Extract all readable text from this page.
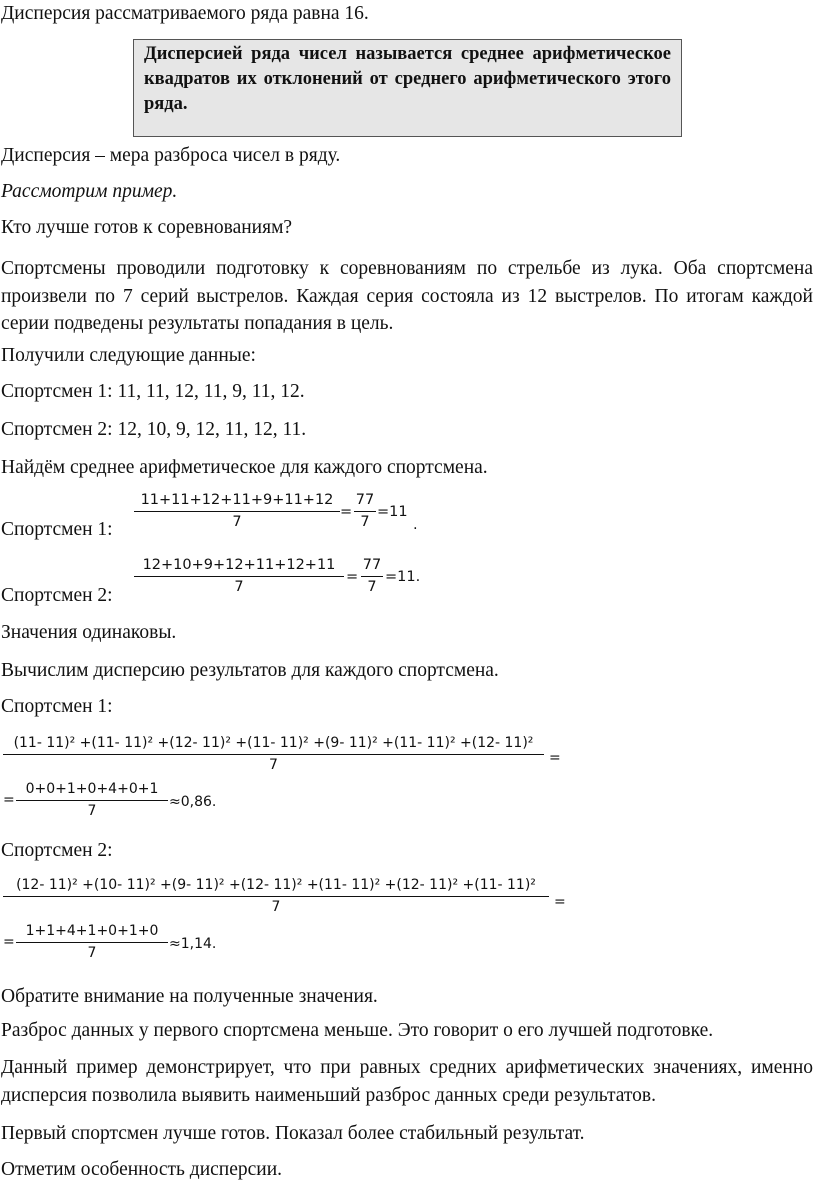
Дисперсия рассматриваемого ряда равна 16.

Дисперсией ряда чисел называется среднее арифметическое квадратов их отклонений от среднего арифметического этого ряда.

Дисперсия – мера разброса чисел в ряду.

Рассмотрим пример.

Кто лучше готов к соревнованиям?

Спортсмены проводили подготовку к соревнованиям по стрельбе из лука. Оба спортсмена произвели по 7 серий выстрелов. Каждая серия состояла из 12 выстрелов. По итогам каждой серии подведены результаты попадания в цель.

Получили следующие данные:

Спортсмен 1: 11, 11, 12, 11, 9, 11, 12.

Спортсмен 2: 12, 10, 9, 12, 11, 12, 11.

Найдём среднее арифметическое для каждого спортсмена.

Спортсмен 1:

11+11+12+11+9+11+12
7
=
77
7
=11
.

Спортсмен 2:

12+10+9+12+11+12+11
7
=
77
7
=11.

Значения одинаковы.

Вычислим дисперсию результатов для каждого спортсмена.

Спортсмен 1:

(11- 11)² +(11- 11)² +(12- 11)² +(11- 11)² +(9- 11)² +(11- 11)² +(12- 11)²
7	=
=
0+0+1+0+4+0+1
7
≈0,86.

Спортсмен 2:

(12- 11)² +(10- 11)² +(9- 11)² +(12- 11)² +(11- 11)² +(12- 11)² +(11- 11)²
7	=
=
1+1+4+1+0+1+0
7
≈1,14.

Обратите внимание на полученные значения.

Разброс данных у первого спортсмена меньше. Это говорит о его лучшей подготовке.

Данный пример демонстрирует, что при равных средних арифметических значениях, именно дисперсия позволила выявить наименьший разброс данных среди результатов.

Первый спортсмен лучше готов. Показал более стабильный результат.

Отметим особенность дисперсии.
